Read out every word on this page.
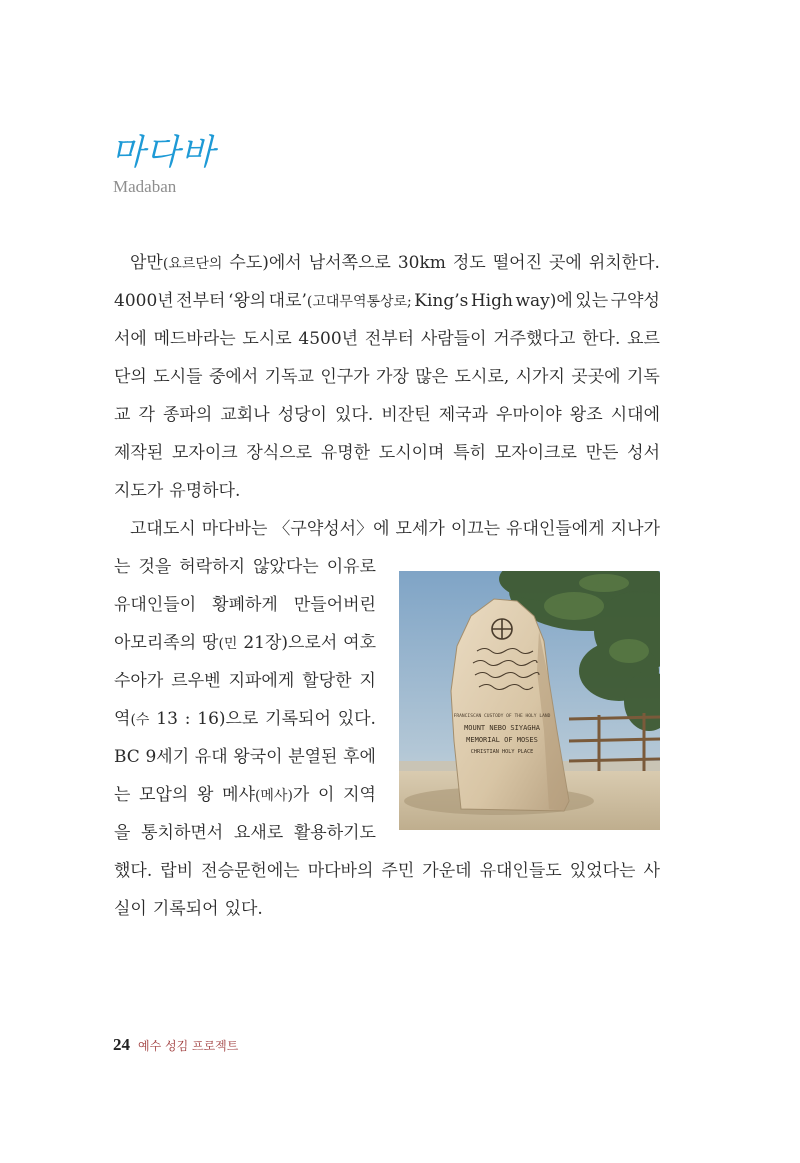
마다바
Madaban
암만(요르단의 수도)에서 남서쪽으로 30km 정도 떨어진 곳에 위치한다.
4000년 전부터 ‘왕의 대로’(고대무역통상로; King’s High way)에 있는 구약성
서에 메드바라는 도시로 4500년 전부터 사람들이 거주했다고 한다. 요르
단의 도시들 중에서 기독교 인구가 가장 많은 도시로, 시가지 곳곳에 기독
교 각 종파의 교회나 성당이 있다. 비잔틴 제국과 우마이야 왕조 시대에
제작된 모자이크 장식으로 유명한 도시이며 특히 모자이크로 만든 성서
지도가 유명하다.
고대도시 마다바는 〈구약성서〉에 모세가 이끄는 유대인들에게 지나가
는 것을 허락하지 않았다는 이유로
유대인들이 황폐하게 만들어버린
아모리족의 땅(민 21장)으로서 여호
수아가 르우벤 지파에게 할당한 지
역(수 13 : 16)으로 기록되어 있다.
BC 9세기 유대 왕국이 분열된 후에
는 모압의 왕 메샤(메사)가 이 지역
을 통치하면서 요새로 활용하기도
했다. 랍비 전승문헌에는 마다바의 주민 가운데 유대인들도 있었다는 사
실이 기록되어 있다.
FRANCISCAN CUSTODY OF THE HOLY LAND
MOUNT NEBO SIYAGHA
MEMORIAL OF MOSES
CHRISTIAN HOLY PLACE
24 예수 성김 프로젝트
